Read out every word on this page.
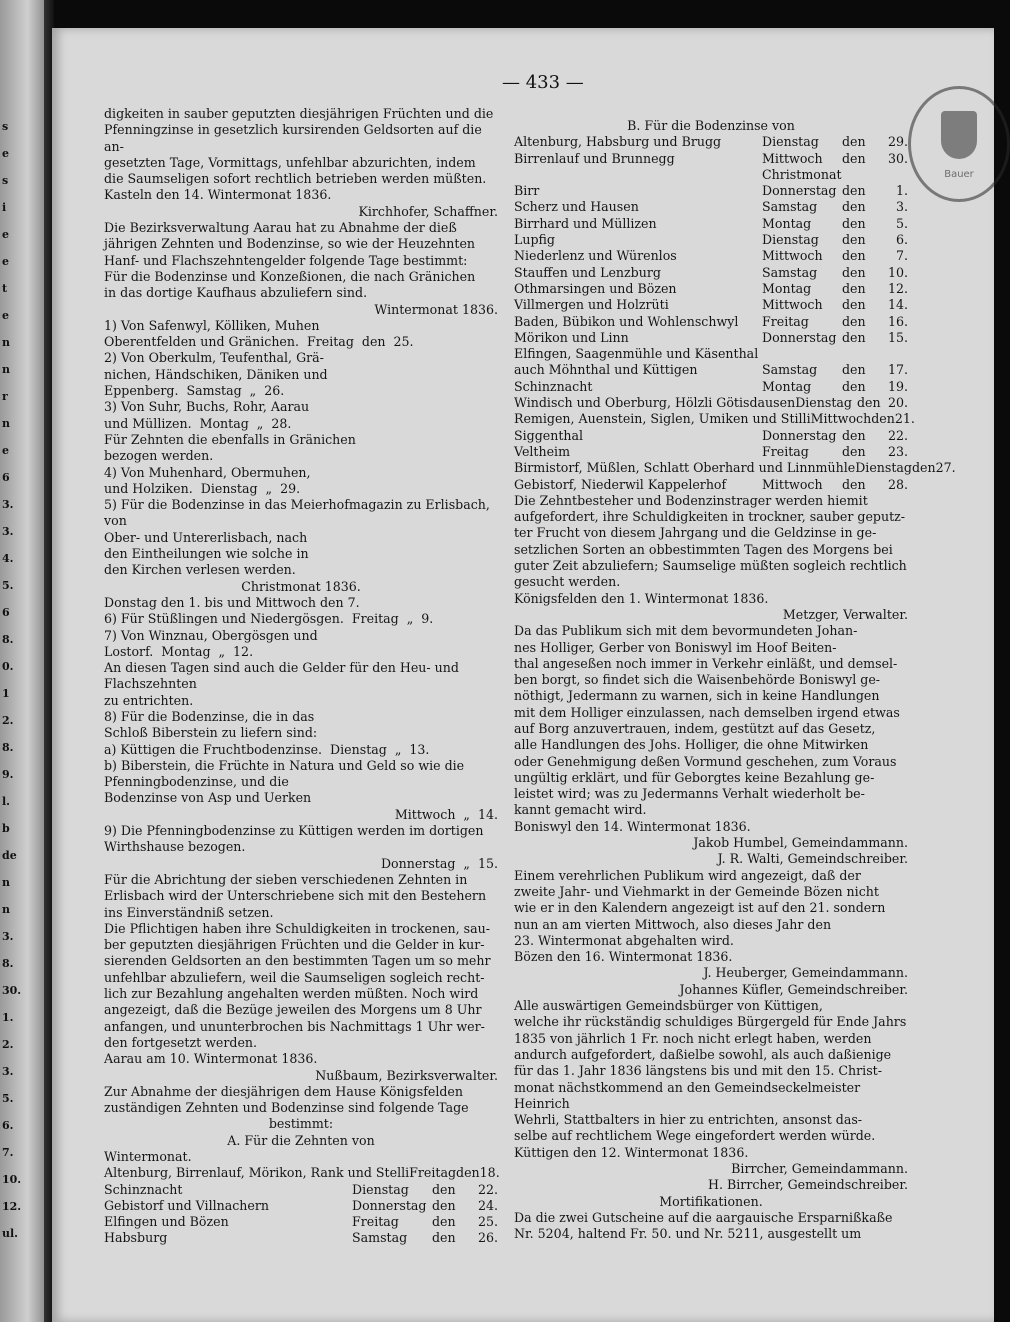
s
e
s
i
e
e
t
e
n
n
r
n
e
6
3.
3.
4.
5.
6
8.
0.
1
2.
8.
9.
l.
b
de
n
n
3.
8.
30.
1.
2.
3.
5.
6.
7.
10.
12.
ul.
— 433 —
Bauer

digkeiten in sauber geputzten diesjährigen Früchten und die

Pfenningzinse in gesetzlich kursirenden Geldsorten auf die an-

gesetzten Tage, Vormittags, unfehlbar abzurichten, indem

die Saumseligen sofort rechtlich betrieben werden müßten.

Kasteln den 14. Wintermonat 1836.

Kirchhofer, Schaffner.

Die Bezirksverwaltung Aarau hat zu Abnahme der dieß

jährigen Zehnten und Bodenzinse, so wie der Heuzehnten

Hanf- und Flachszehntengelder folgende Tage bestimmt:

Für die Bodenzinse und Konzeßionen, die nach Gränichen

in das dortige Kaufhaus abzuliefern sind.

Wintermonat 1836.

1) Von Safenwyl, Kölliken, Muhen

Oberentfelden und Gränichen.  Freitag  den  25.

2) Von Oberkulm, Teufenthal, Grä-

nichen, Händschiken, Däniken und

Eppenberg.  Samstag  „  26.

3) Von Suhr, Buchs, Rohr, Aarau

und Müllizen.  Montag  „  28.

Für Zehnten die ebenfalls in Gränichen

bezogen werden.

4) Von Muhenhard, Obermuhen,

und Holziken.  Dienstag  „  29.

5) Für die Bodenzinse in das Meierhofmagazin zu Erlisbach, von

Ober- und Untererlisbach, nach

den Eintheilungen wie solche in

den Kirchen verlesen werden.

Christmonat 1836.

Donstag den 1. bis und Mittwoch den 7.

6) Für Stüßlingen und Niedergösgen.  Freitag  „  9.

7) Von Winznau, Obergösgen und

Lostorf.  Montag  „  12.

An diesen Tagen sind auch die Gelder für den Heu- und Flachszehnten

zu entrichten.

8) Für die Bodenzinse, die in das

Schloß Biberstein zu liefern sind:

a) Küttigen die Fruchtbodenzinse.  Dienstag  „  13.

b) Biberstein, die Früchte in Natura und Geld so wie die

Pfenningbodenzinse, und die

Bodenzinse von Asp und Uerken

Mittwoch  „  14.

9) Die Pfenningbodenzinse zu Küttigen werden im dortigen Wirthshause bezogen.

Donnerstag  „  15.

Für die Abrichtung der sieben verschiedenen Zehnten in

Erlisbach wird der Unterschriebene sich mit den Bestehern

ins Einverständniß setzen.

Die Pflichtigen haben ihre Schuldigkeiten in trockenen, sau-

ber geputzten diesjährigen Früchten und die Gelder in kur-

sierenden Geldsorten an den bestimmten Tagen um so mehr

unfehlbar abzuliefern, weil die Saumseligen sogleich recht-

lich zur Bezahlung angehalten werden müßten. Noch wird

angezeigt, daß die Bezüge jeweilen des Morgens um 8 Uhr

anfangen, und ununterbrochen bis Nachmittags 1 Uhr wer-

den fortgesetzt werden.

Aarau am 10. Wintermonat 1836.

Nußbaum, Bezirksverwalter.

Zur Abnahme der diesjährigen dem Hause Königsfelden

zuständigen Zehnten und Bodenzinse sind folgende Tage

bestimmt:

A. Für die Zehnten von

Wintermonat.

Altenburg, Birrenlauf, Mörikon, Rank und Stelli Freitag den 18.
Schinznacht	Dienstag	den	22.
Gebistorf und Villnachern	Donnerstag den	24.
Elfingen und Bözen	Freitag	den	25.
Habsburg	Samstag	den	26.

B. Für die Bodenzinse von

Altenburg, Habsburg und Brugg	Dienstag	den	29.
Birrenlauf und Brunnegg	Mittwoch	den	30.
Christmonat
Birr	Donnerstag den	1.
Scherz und Hausen	Samstag	den	3.
Birrhard und Müllizen	Montag	den	5.
Lupfig	Dienstag	den	6.
Niederlenz und Würenlos	Mittwoch	den	7.
Stauffen und Lenzburg	Samstag	den	10.
Othmarsingen und Bözen	Montag	den	12.
Villmergen und Holzrüti	Mittwoch	den	14.
Baden, Bübikon und Wohlenschwyl	Freitag	den	16.
Mörikon und Linn	Donnerstag den	15.
Elfingen, Saagenmühle und Käsenthal
auch Möhnthal und Küttigen	Samstag	den	17.
Schinznacht	Montag	den	19.
Windisch und Oberburg, Hölzli Götisdausen Dienstag den 20.
Remigen, Auenstein, Siglen, Umiken und Stilli Mittwoch den 21.
Siggenthal	Donnerstag den	22.
Veltheim	Freitag	den	23.
Birmistorf, Müßlen, Schlatt Oberhard und Linnmühle Dienstag den 27.
Gebistorf, Niederwil Kappelerhof	Mittwoch	den	28.

Die Zehntbesteher und Bodenzinstrager werden hiemit

aufgefordert, ihre Schuldigkeiten in trockner, sauber geputz-

ter Frucht von diesem Jahrgang und die Geldzinse in ge-

setzlichen Sorten an obbestimmten Tagen des Morgens bei

guter Zeit abzuliefern; Saumselige müßten sogleich rechtlich

gesucht werden.

Königsfelden den 1. Wintermonat 1836.

Metzger, Verwalter.

Da das Publikum sich mit dem bevormundeten Johan-

nes Holliger, Gerber von Boniswyl im Hoof Beiten-

thal angeseßen noch immer in Verkehr einläßt, und demsel-

ben borgt, so findet sich die Waisenbehörde Boniswyl ge-

nöthigt, Jedermann zu warnen, sich in keine Handlungen

mit dem Holliger einzulassen, nach demselben irgend etwas

auf Borg anzuvertrauen, indem, gestützt auf das Gesetz,

alle Handlungen des Johs. Holliger, die ohne Mitwirken

oder Genehmigung deßen Vormund geschehen, zum Voraus

ungültig erklärt, und für Geborgtes keine Bezahlung ge-

leistet wird; was zu Jedermanns Verhalt wiederholt be-

kannt gemacht wird.

Boniswyl den 14. Wintermonat 1836.

Jakob Humbel, Gemeindammann.

J. R. Walti, Gemeindschreiber.

Einem verehrlichen Publikum wird angezeigt, daß der

zweite Jahr- und Viehmarkt in der Gemeinde Bözen nicht

wie er in den Kalendern angezeigt ist auf den 21. sondern

nun an am vierten Mittwoch, also dieses Jahr den

23. Wintermonat abgehalten wird.

Bözen den 16. Wintermonat 1836.

J. Heuberger, Gemeindammann.

Johannes Küfler, Gemeindschreiber.

Alle auswärtigen Gemeindsbürger von Küttigen,

welche ihr rückständig schuldiges Bürgergeld für Ende Jahrs

1835 von jährlich 1 Fr. noch nicht erlegt haben, werden

andurch aufgefordert, daßielbe sowohl, als auch daßienige

für das 1. Jahr 1836 längstens bis und mit den 15. Christ-

monat nächstkommend an den Gemeindseckelmeister Heinrich

Wehrli, Stattbalters in hier zu entrichten, ansonst das-

selbe auf rechtlichem Wege eingefordert werden würde.

Küttigen den 12. Wintermonat 1836.

Birrcher, Gemeindammann.

H. Birrcher, Gemeindschreiber.

Mortifikationen.

Da die zwei Gutscheine auf die aargauische Ersparnißkaße

Nr. 5204, haltend Fr. 50. und Nr. 5211, ausgestellt um
